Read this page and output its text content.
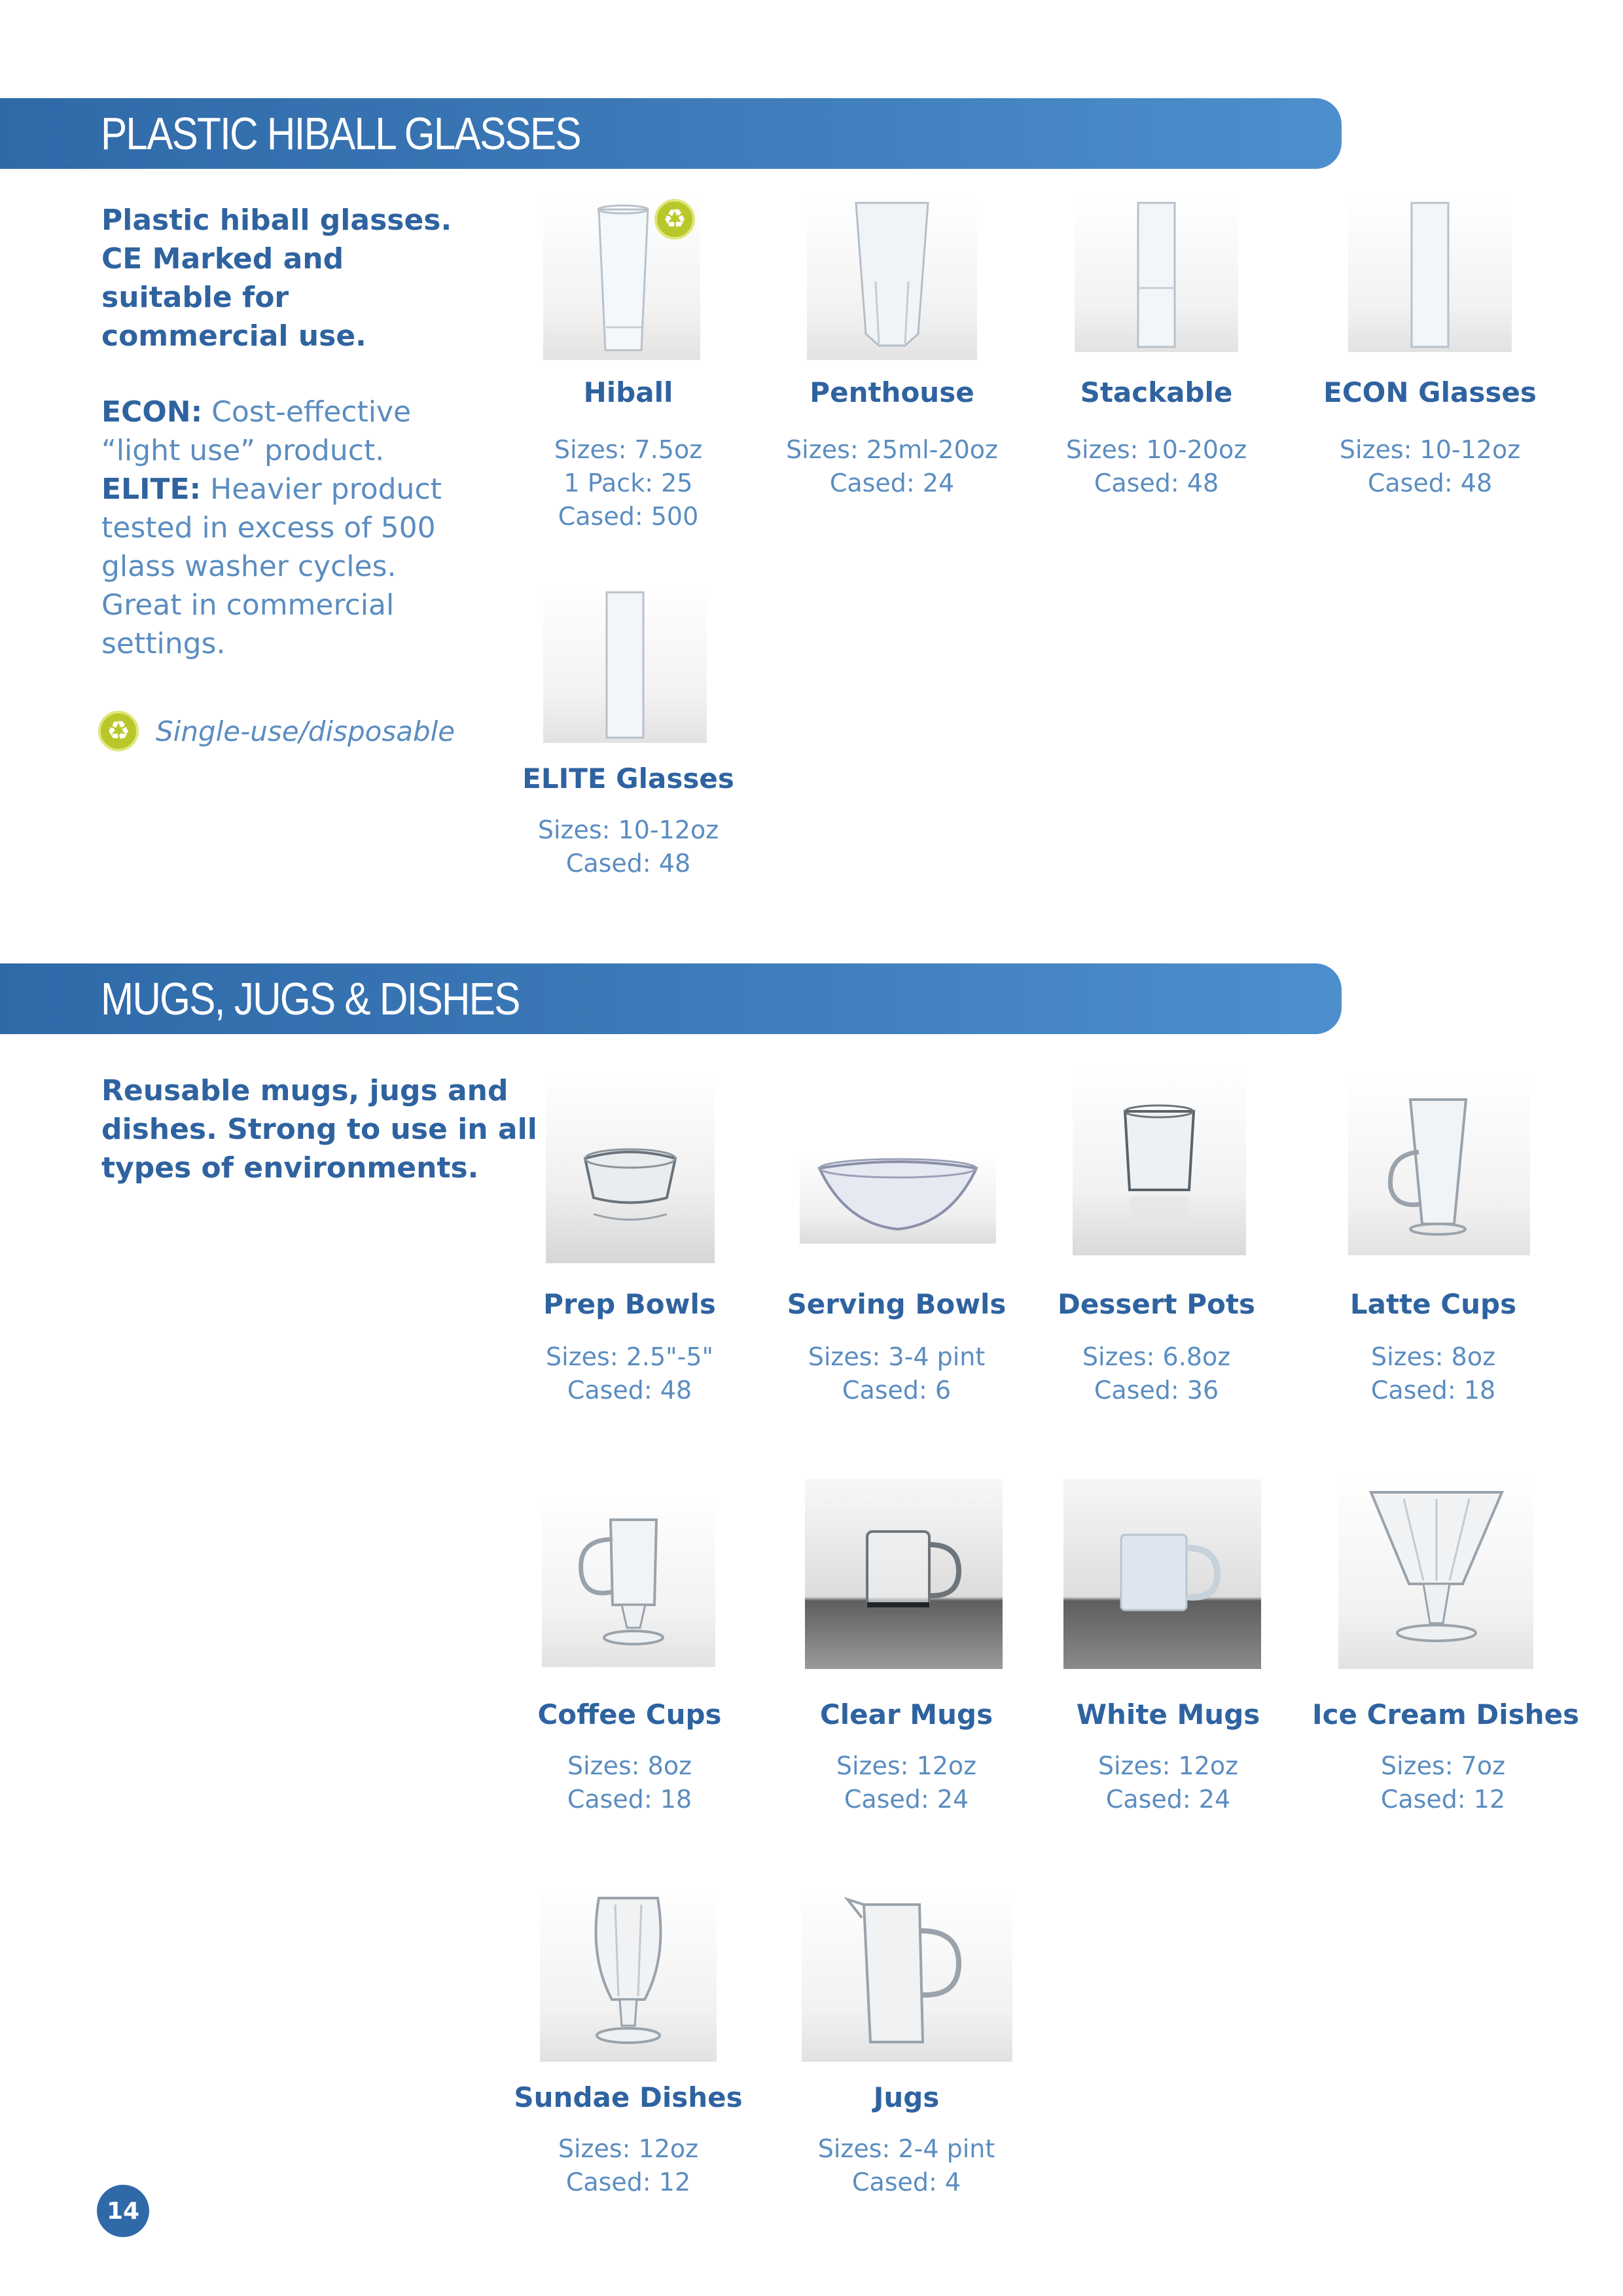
PLASTIC HIBALL GLASSES
Plastic hiball glasses.
CE Marked and
suitable for
commercial use.
ECON: Cost-effective “light use” product.
ELITE: Heavier product tested in excess of 500 glass washer cycles. Great in commercial settings.
♻ Single-use/disposable
♻
Hiball
Sizes: 7.5oz
1 Pack: 25
Cased: 500
Penthouse
Sizes: 25ml-20oz
Cased: 24
Stackable
Sizes: 10-20oz
Cased: 48
ECON Glasses
Sizes: 10-12oz
Cased: 48
ELITE Glasses
Sizes: 10-12oz
Cased: 48
MUGS, JUGS & DISHES
Reusable mugs, jugs and
dishes. Strong to use in all
types of environments.
Prep Bowls
Sizes: 2.5"-5"
Cased: 48
Serving Bowls
Sizes: 3-4 pint
Cased: 6
Dessert Pots
Sizes: 6.8oz
Cased: 36
Latte Cups
Sizes: 8oz
Cased: 18
Coffee Cups
Sizes: 8oz
Cased: 18
Clear Mugs
Sizes: 12oz
Cased: 24
White Mugs
Sizes: 12oz
Cased: 24
Ice Cream Dishes
Sizes: 7oz
Cased: 12
Sundae Dishes
Sizes: 12oz
Cased: 12
Jugs
Sizes: 2-4 pint
Cased: 4
14
